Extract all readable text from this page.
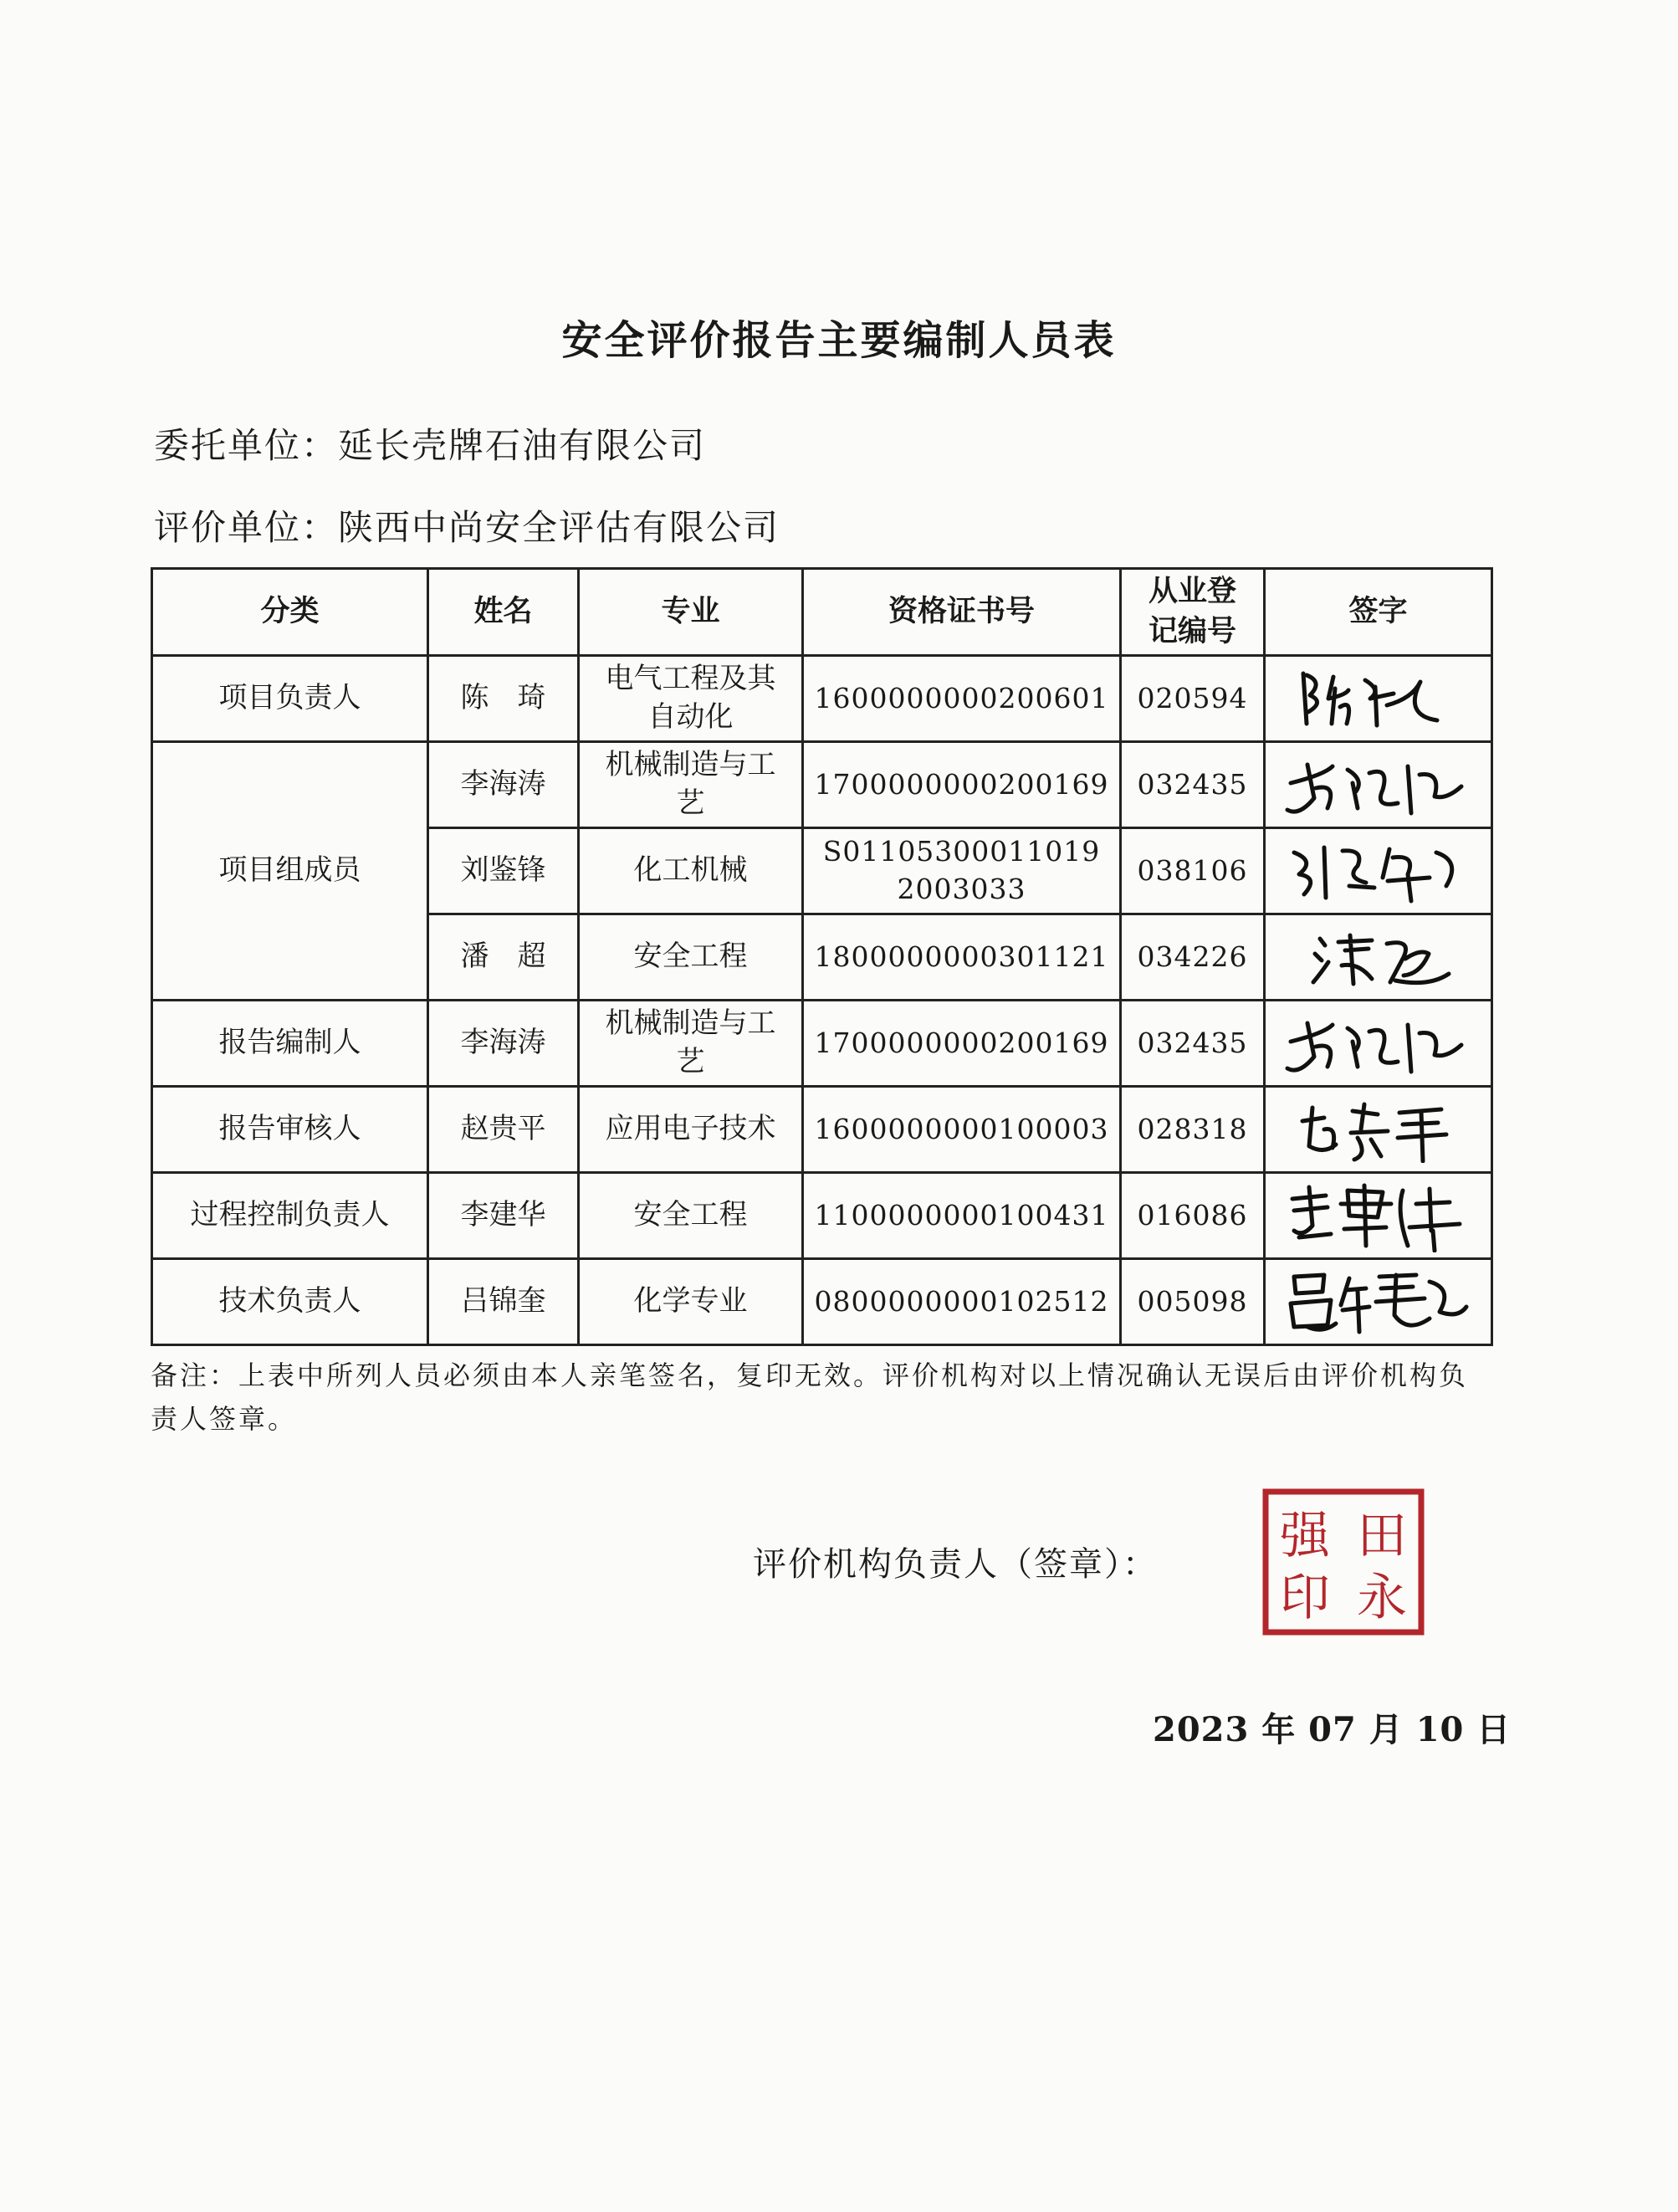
安全评价报告主要编制人员表
委托单位：延长壳牌石油有限公司
评价单位：陕西中尚安全评估有限公司
分类	姓名	专业	资格证书号	从业登记编号	签字
项目负责人	陈　琦	电气工程及其自动化	1600000000200601	020594	

项目组成员	李海涛	机械制造与工艺	1700000000200169	032435	

	刘鉴锋	化工机械	S011053000110192003033	038106	

	潘　超	安全工程	1800000000301121	034226	

报告编制人	李海涛	机械制造与工艺	1700000000200169	032435	

报告审核人	赵贵平	应用电子技术	1600000000100003	028318	

过程控制负责人	李建华	安全工程	1100000000100431	016086	

技术负责人	吕锦奎	化学专业	0800000000102512	005098	
备注：上表中所列人员必须由本人亲笔签名，复印无效。评价机构对以上情况确认无误后由评价机构负责人签章。
评价机构负责人（签章）： 强 田
印 永
2023 年 07 月 10 日
